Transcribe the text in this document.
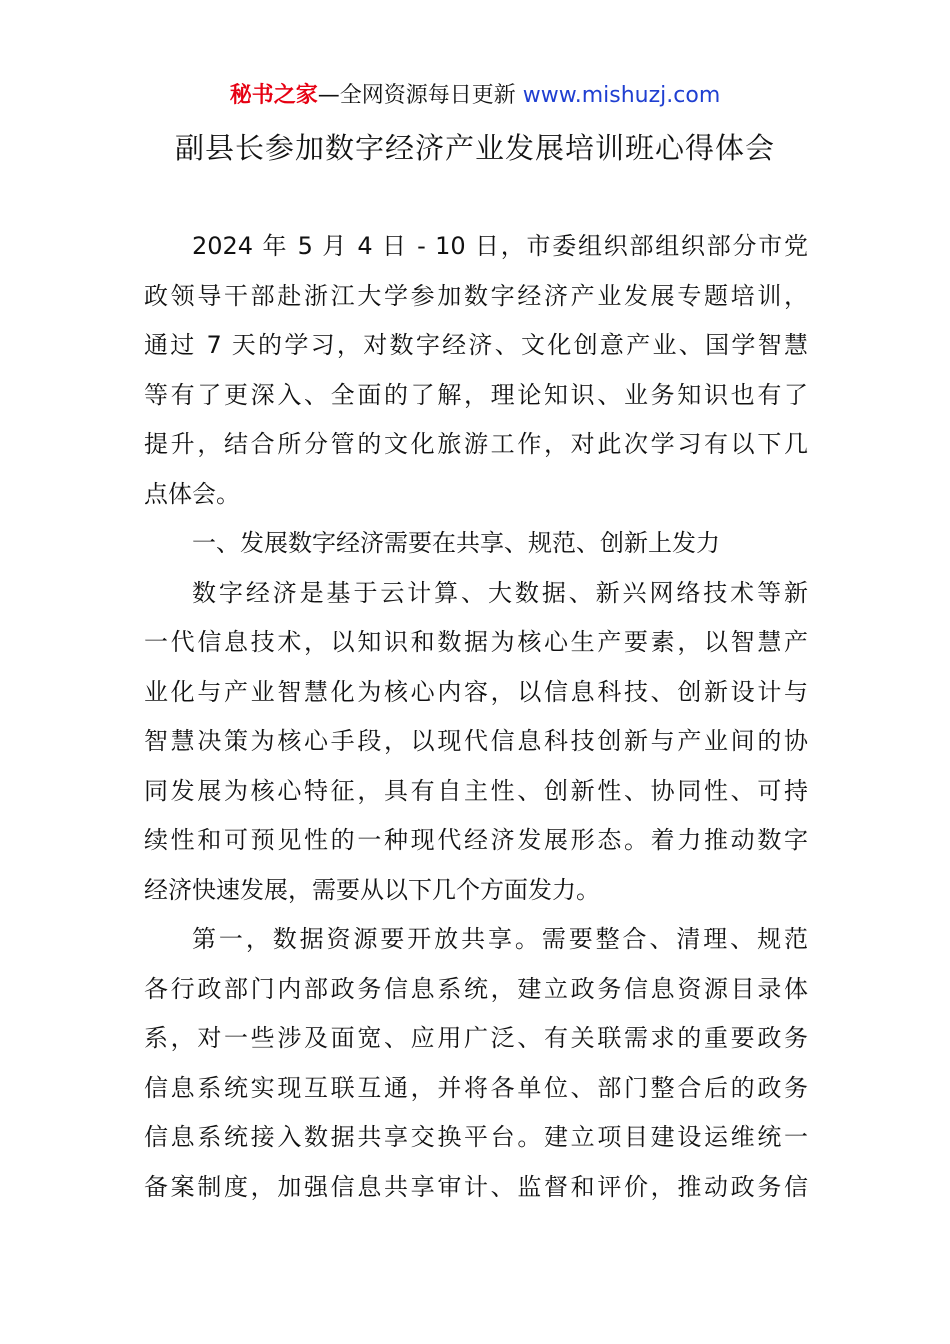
秘书之家—全网资源每日更新 www.mishuzj.com
副县长参加数字经济产业发展培训班心得体会
2024 年 5 月 4 日 - 10 日，市委组织部组织部分市党
政领导干部赴浙江大学参加数字经济产业发展专题培训，
通过 7 天的学习，对数字经济、文化创意产业、国学智慧
等有了更深入、全面的了解，理论知识、业务知识也有了
提升，结合所分管的文化旅游工作，对此次学习有以下几
点体会。
一、发展数字经济需要在共享、规范、创新上发力
数字经济是基于云计算、大数据、新兴网络技术等新
一代信息技术，以知识和数据为核心生产要素，以智慧产
业化与产业智慧化为核心内容，以信息科技、创新设计与
智慧决策为核心手段，以现代信息科技创新与产业间的协
同发展为核心特征，具有自主性、创新性、协同性、可持
续性和可预见性的一种现代经济发展形态。着力推动数字
经济快速发展，需要从以下几个方面发力。
第一，数据资源要开放共享。需要整合、清理、规范
各行政部门内部政务信息系统，建立政务信息资源目录体
系，对一些涉及面宽、应用广泛、有关联需求的重要政务
信息系统实现互联互通，并将各单位、部门整合后的政务
信息系统接入数据共享交换平台。建立项目建设运维统一
备案制度，加强信息共享审计、监督和评价，推动政务信
